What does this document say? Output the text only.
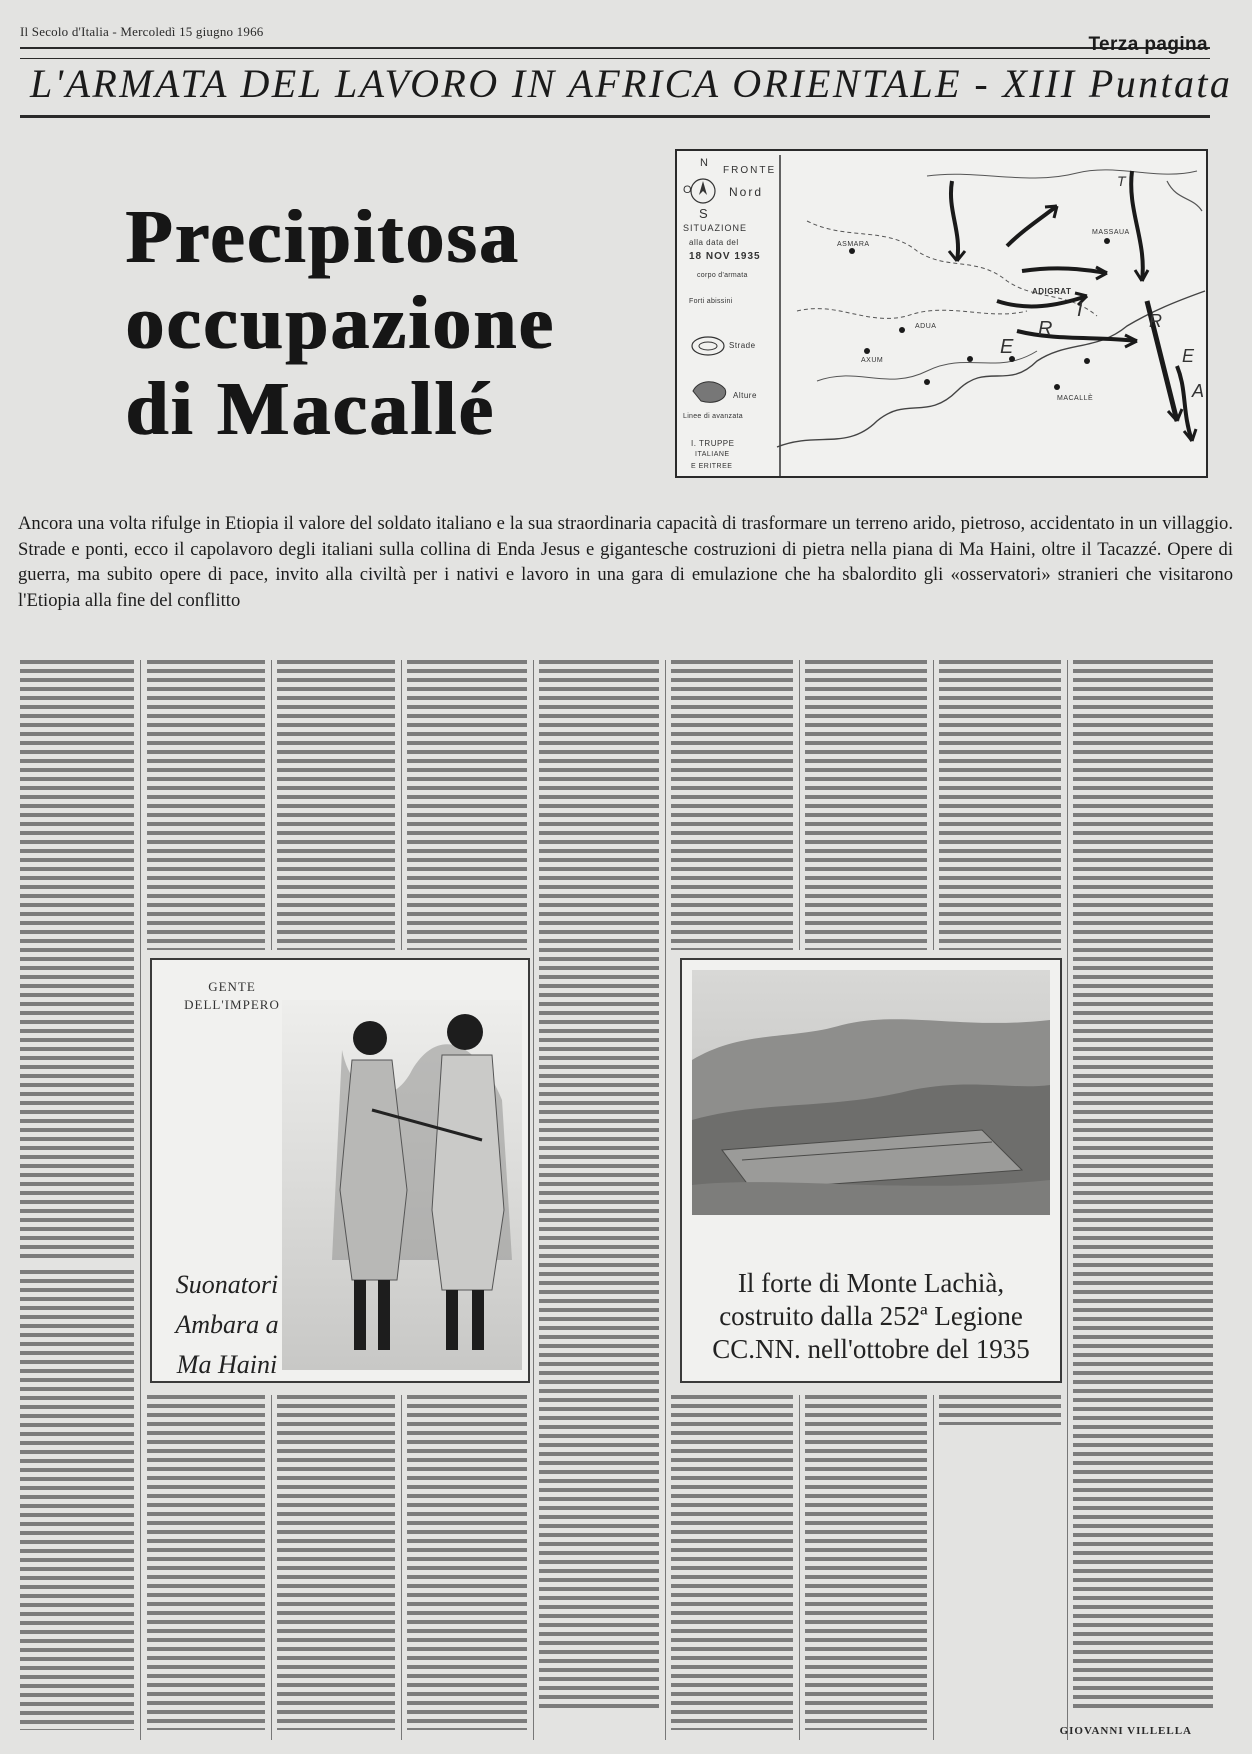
Il Secolo d'Italia - Mercoledì 15 giugno 1966
Terza pagina
L'ARMATA DEL LAVORO IN AFRICA ORIENTALE - XIII Puntata
Precipitosa
occupazione
di Macallé
N
O
S
FRONTE
Nord
SITUAZIONE
alla data del
18 NOV 1935
corpo d'armata
Forti abissini
Strade
Alture
Linee di avanzata
I. TRUPPE
ITALIANE
E ERITREE
ASMARA
MASSAUA
ADUA
AXUM
ADIGRAT
MACALLÈ
E
R
I
T
R
E
A
Ancora una volta rifulge in Etiopia il valore del soldato italiano e la sua straordinaria capacità di trasformare un terreno arido, pietroso, accidentato in un villaggio. Strade e ponti, ecco il capolavoro degli italiani sulla collina di Enda Jesus e gigantesche costruzioni di pietra nella piana di Ma Haini, oltre il Tacazzé. Opere di guerra, ma subito opere di pace, invito alla civiltà per i nativi e lavoro in una gara di emulazione che ha sbalordito gli «osservatori» stranieri che visitarono l'Etiopia alla fine del conflitto
GENTE
DELL'IMPERO
Suonatori
Ambara a
Ma Haini
Il forte di Monte Lachià,
costruito dalla 252ª Legione
CC.NN. nell'ottobre del 1935
GIOVANNI VILLELLA
